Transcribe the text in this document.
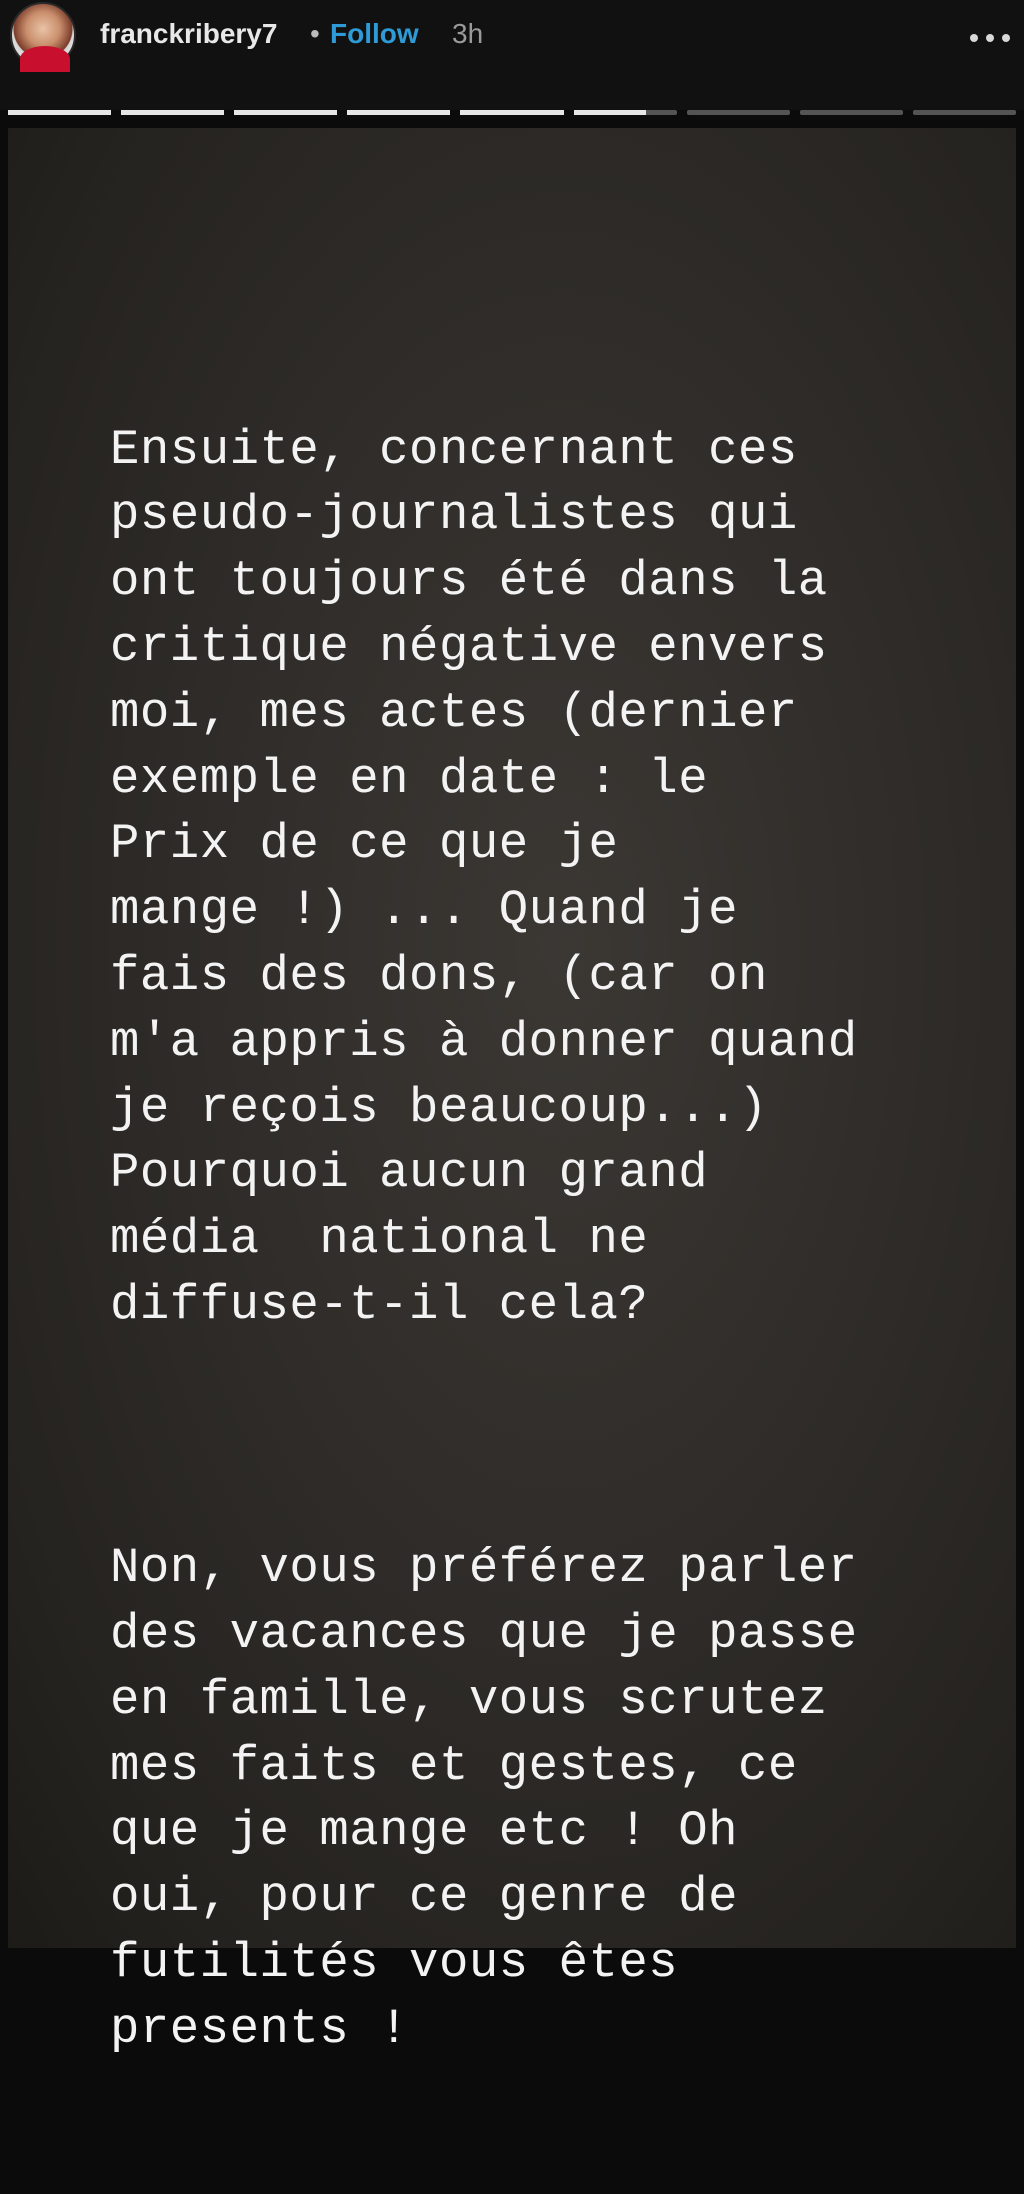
franckribery7 • Follow 3h

Ensuite, concernant ces
pseudo-journalistes qui
ont toujours été dans la
critique négative envers
moi, mes actes (dernier
exemple en date : le
Prix de ce que je
mange !) ... Quand je
fais des dons, (car on
m'a appris à donner quand
je reçois beaucoup...)
Pourquoi aucun grand
média  national ne
diffuse-t-il cela?

Non, vous préférez parler
des vacances que je passe
en famille, vous scrutez
mes faits et gestes, ce
que je mange etc ! Oh
oui, pour ce genre de
futilités vous êtes
presents !
